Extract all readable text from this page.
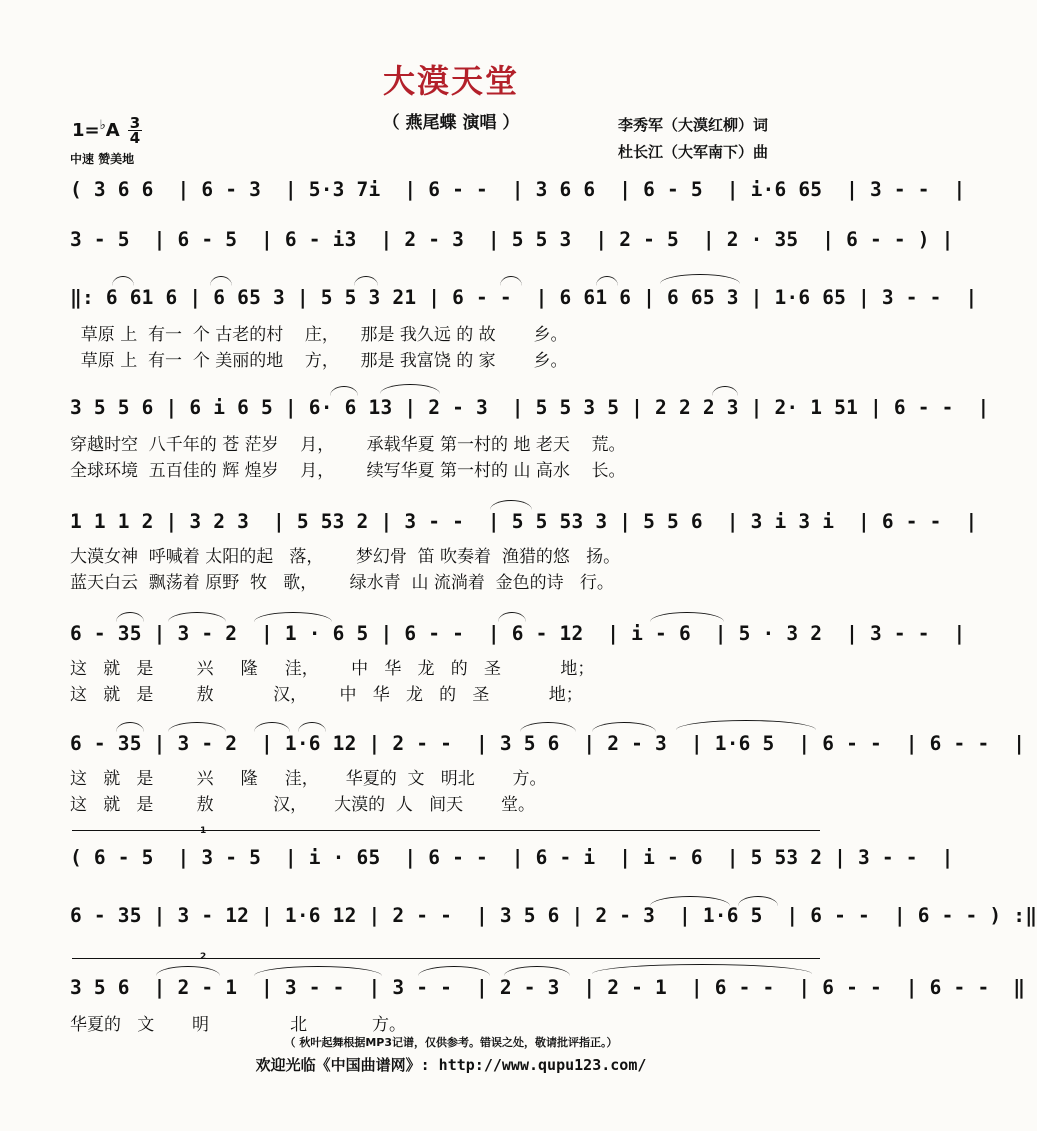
大漠天堂
（ 燕尾蝶 演唱 ）
1=♭A 3
4
中速 赞美地
李秀军（大漠红柳）词
杜长江（大军南下）曲
( 3 6 6  | 6 - 3  | 5·3 7i  | 6 - -  | 3 6 6  | 6 - 5  | i·6 65  | 3 - -  |
3 - 5  | 6 - 5  | 6 - i3  | 2 - 3  | 5 5 3  | 2 - 5  | 2 · 35  | 6 - - ) |
‖: 6 61 6 | 6 65 3 | 5 5 3 21 | 6 - -  | 6 61 6 | 6 65 3 | 1·6 65 | 3 - -  |
草原 上  有一  个 古老的村    庄，    那是 我久远 的 故       乡。
草原 上  有一  个 美丽的地    方，    那是 我富饶 的 家       乡。
3 5 5 6 | 6 i 6 5 | 6· 6 13 | 2 - 3  | 5 5 3 5 | 2 2 2 3 | 2· 1 51 | 6 - -  |
穿越时空  八千年的 苍 茫岁    月，      承载华夏 第一村的 地 老天    荒。
全球环境  五百佳的 辉 煌岁    月，      续写华夏 第一村的 山 高水    长。
1 1 1 2 | 3 2 3  | 5 53 2 | 3 - -  | 5 5 53 3 | 5 5 6  | 3 i 3 i  | 6 - -  |
大漠女神  呼喊着 太阳的起   落，      梦幻骨  笛 吹奏着  渔猎的悠   扬。
蓝天白云  飘荡着 原野  牧   歌，      绿水青  山 流淌着  金色的诗   行。
6 - 35 | 3 - 2  | 1 · 6 5 | 6 - -  | 6 - 12  | i - 6  | 5 · 3 2  | 3 - -  |
这   就   是        兴     隆     洼，      中   华   龙   的   圣           地；
这   就   是        敖           汉，      中   华   龙   的   圣           地；
6 - 35 | 3 - 2  | 1·6 12 | 2 - -  | 3 5 6  | 2 - 3  | 1·6 5  | 6 - -  | 6 - -  |
这   就   是        兴     隆     洼，     华夏的  文   明北       方。
这   就   是        敖           汉，     大漠的  人   间天       堂。
1
( 6 - 5  | 3 - 5  | i · 65  | 6 - -  | 6 - i  | i - 6  | 5 53 2 | 3 - -  |
6 - 35 | 3 - 12 | 1·6 12 | 2 - -  | 3 5 6 | 2 - 3  | 1·6 5  | 6 - -  | 6 - - ) :‖
2
3 5 6  | 2 - 1  | 3 - -  | 3 - -  | 2 - 3  | 2 - 1  | 6 - -  | 6 - -  | 6 - -  ‖
华夏的   文       明               北            方。
（ 秋叶起舞根据MP3记谱，仅供参考。错误之处，敬请批评指正。）
欢迎光临《中国曲谱网》: http://www.qupu123.com/
